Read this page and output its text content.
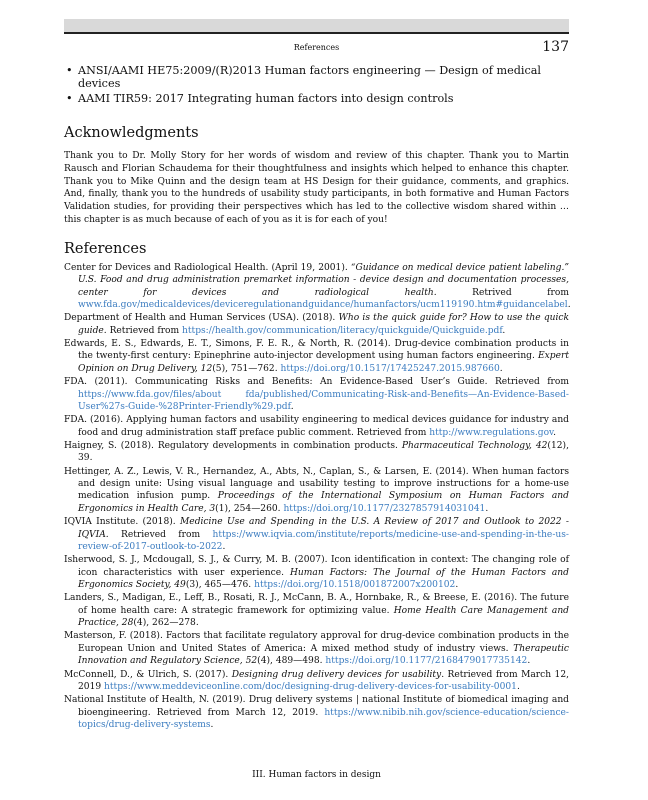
References	137
• ANSI/AAMI HE75:2009/(R)2013 Human factors engineering — Design of medical devices
• AAMI TIR59: 2017 Integrating human factors into design controls
Acknowledgments

Thank you to Dr. Molly Story for her words of wisdom and review of this chapter. Thank you to Martin Rausch and Florian Schaudema for their thoughtfulness and insights which helped to enhance this chapter. Thank you to Mike Quinn and the design team at HS Design for their guidance, comments, and graphics. And, finally, thank you to the hundreds of usability study participants, in both formative and Human Factors Validation studies, for providing their perspectives which has led to the collective wisdom shared within … this chapter is as much because of each of you as it is for each of you!

References
Center for Devices and Radiological Health. (April 19, 2001). “Guidance on medical device patient labeling.” U.S. Food and drug administration premarket information - device design and documentation processes, center for devices and radiological health. Retrived from www.fda.gov/medicaldevices/deviceregulationandguidance/humanfactors/ucm119190.htm#guidancelabel.
Department of Health and Human Services (USA). (2018). Who is the quick guide for? How to use the quick guide. Retrieved from https://health.gov/communication/literacy/quickguide/Quickguide.pdf.
Edwards, E. S., Edwards, E. T., Simons, F. E. R., & North, R. (2014). Drug-device combination products in the twenty-first century: Epinephrine auto-injector development using human factors engineering. Expert Opinion on Drug Delivery, 12(5), 751—762. https://doi.org/10.1517/17425247.2015.987660.
FDA. (2011). Communicating Risks and Benefits: An Evidence-Based User’s Guide. Retrieved from https://www.fda.gov/files/about fda/published/Communicating-Risk-and-Benefits—An-Evidence-Based-User%27s-Guide-%28Printer-Friendly%29.pdf.
FDA. (2016). Applying human factors and usability engineering to medical devices guidance for industry and food and drug administration staff preface public comment. Retrieved from http://www.regulations.gov.
Haigney, S. (2018). Regulatory developments in combination products. Pharmaceutical Technology, 42(12), 39.
Hettinger, A. Z., Lewis, V. R., Hernandez, A., Abts, N., Caplan, S., & Larsen, E. (2014). When human factors and design unite: Using visual language and usability testing to improve instructions for a home-use medication infusion pump. Proceedings of the International Symposium on Human Factors and Ergonomics in Health Care, 3(1), 254—260. https://doi.org/10.1177/2327857914031041.
IQVIA Institute. (2018). Medicine Use and Spending in the U.S. A Review of 2017 and Outlook to 2022 - IQVIA. Retrieved from https://www.iqvia.com/institute/reports/medicine-use-and-spending-in-the-us-review-of-2017-outlook-to-2022.
Isherwood, S. J., Mcdougall, S. J., & Curry, M. B. (2007). Icon identification in context: The changing role of icon characteristics with user experience. Human Factors: The Journal of the Human Factors and Ergonomics Society, 49(3), 465—476. https://doi.org/10.1518/001872007x200102.
Landers, S., Madigan, E., Leff, B., Rosati, R. J., McCann, B. A., Hornbake, R., & Breese, E. (2016). The future of home health care: A strategic framework for optimizing value. Home Health Care Management and Practice, 28(4), 262—278.
Masterson, F. (2018). Factors that facilitate regulatory approval for drug-device combination products in the European Union and United States of America: A mixed method study of industry views. Therapeutic Innovation and Regulatory Science, 52(4), 489—498. https://doi.org/10.1177/2168479017735142.
McConnell, D., & Ulrich, S. (2017). Designing drug delivery devices for usability. Retrieved from March 12, 2019 https://www.meddeviceonline.com/doc/designing-drug-delivery-devices-for-usability-0001.
National Institute of Health, N. (2019). Drug delivery systems | national Institute of biomedical imaging and bioengineering. Retrieved from March 12, 2019. https://www.nibib.nih.gov/science-education/science-topics/drug-delivery-systems.
III. Human factors in design
